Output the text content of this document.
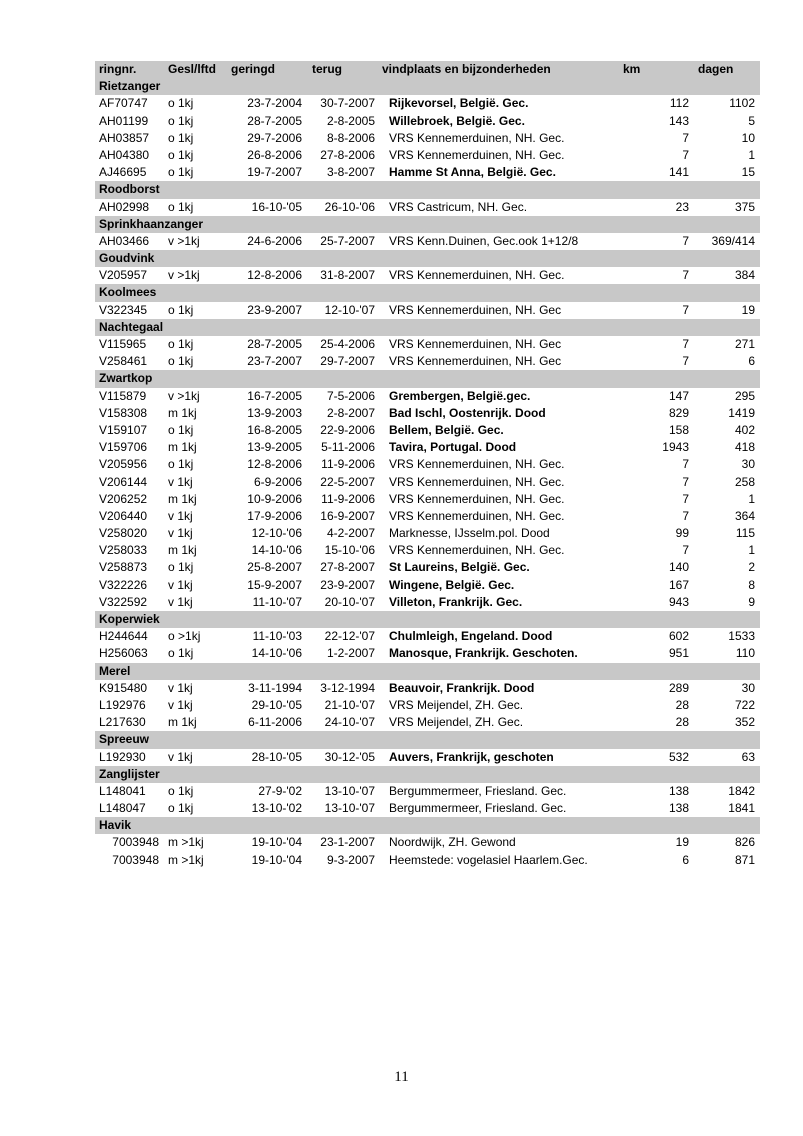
ringnr.	Gesl/lftd geringd	terug	vindplaats en bijzonderheden	km	dagen
Rietzanger
AF70747 o 1kj	23-7-2004 30-7-2007 Rijkevorsel, België. Gec.	112	1102
AH01199 o 1kj	28-7-2005 2-8-2005 Willebroek, België. Gec.	143	5
AH03857 o 1kj	29-7-2006 8-8-2006 VRS Kennemerduinen, NH. Gec.	7	10
AH04380 o 1kj	26-8-2006 27-8-2006 VRS Kennemerduinen, NH. Gec.	7	1
AJ46695 o 1kj	19-7-2007 3-8-2007 Hamme St Anna, België. Gec.	141	15
Roodborst
AH02998 o 1kj	16-10-'05 26-10-'06 VRS Castricum, NH. Gec.	23	375
Sprinkhaanzanger
AH03466 v >1kj	24-6-2006 25-7-2007 VRS Kenn.Duinen, Gec.ook 1+12/8	7 369/414
Goudvink
V205957 v >1kj	12-8-2006 31-8-2007 VRS Kennemerduinen, NH. Gec.	7	384
Koolmees
V322345 o 1kj	23-9-2007 12-10-'07 VRS Kennemerduinen, NH. Gec	7	19
Nachtegaal
V115965 o 1kj	28-7-2005 25-4-2006 VRS Kennemerduinen, NH. Gec	7	271
V258461 o 1kj	23-7-2007 29-7-2007 VRS Kennemerduinen, NH. Gec	7	6
Zwartkop
V115879 v >1kj	16-7-2005 7-5-2006 Grembergen, België.gec.	147	295
V158308 m 1kj	13-9-2003 2-8-2007 Bad Ischl, Oostenrijk. Dood	829	1419
V159107 o 1kj	16-8-2005 22-9-2006 Bellem, België. Gec.	158	402
V159706 m 1kj	13-9-2005 5-11-2006 Tavira, Portugal. Dood	1943	418
V205956 o 1kj	12-8-2006 11-9-2006 VRS Kennemerduinen, NH. Gec.	7	30
V206144 v 1kj	6-9-2006 22-5-2007 VRS Kennemerduinen, NH. Gec.	7	258
V206252 m 1kj	10-9-2006 11-9-2006 VRS Kennemerduinen, NH. Gec.	7	1
V206440 v 1kj	17-9-2006 16-9-2007 VRS Kennemerduinen, NH. Gec.	7	364
V258020 v 1kj	12-10-'06 4-2-2007 Marknesse, IJsselm.pol. Dood	99	115
V258033 m 1kj	14-10-'06 15-10-'06 VRS Kennemerduinen, NH. Gec.	7	1
V258873 o 1kj	25-8-2007 27-8-2007 St Laureins, België. Gec.	140	2
V322226 v 1kj	15-9-2007 23-9-2007 Wingene, België. Gec.	167	8
V322592 v 1kj	11-10-'07 20-10-'07 Villeton, Frankrijk. Gec.	943	9
Koperwiek
H244644 o >1kj	11-10-'03 22-12-'07 Chulmleigh, Engeland. Dood	602	1533
H256063 o 1kj	14-10-'06 1-2-2007 Manosque, Frankrijk. Geschoten.	951	110
Merel
K915480 v 1kj	3-11-1994 3-12-1994 Beauvoir, Frankrijk. Dood	289	30
L192976 v 1kj	29-10-'05 21-10-'07 VRS Meijendel, ZH. Gec.	28	722
L217630 m 1kj	6-11-2006 24-10-'07 VRS Meijendel, ZH. Gec.	28	352
Spreeuw
L192930 v 1kj	28-10-'05 30-12-'05 Auvers, Frankrijk, geschoten	532	63
Zanglijster
L148041 o 1kj	27-9-'02 13-10-'07 Bergummermeer, Friesland. Gec.	138	1842
L148047 o 1kj	13-10-'02 13-10-'07 Bergummermeer, Friesland. Gec.	138	1841
Havik
7003948 m >1kj	19-10-'04 23-1-2007 Noordwijk, ZH. Gewond	19	826
7003948 m >1kj	19-10-'04 9-3-2007 Heemstede: vogelasiel Haarlem.Gec.	6	871
11
